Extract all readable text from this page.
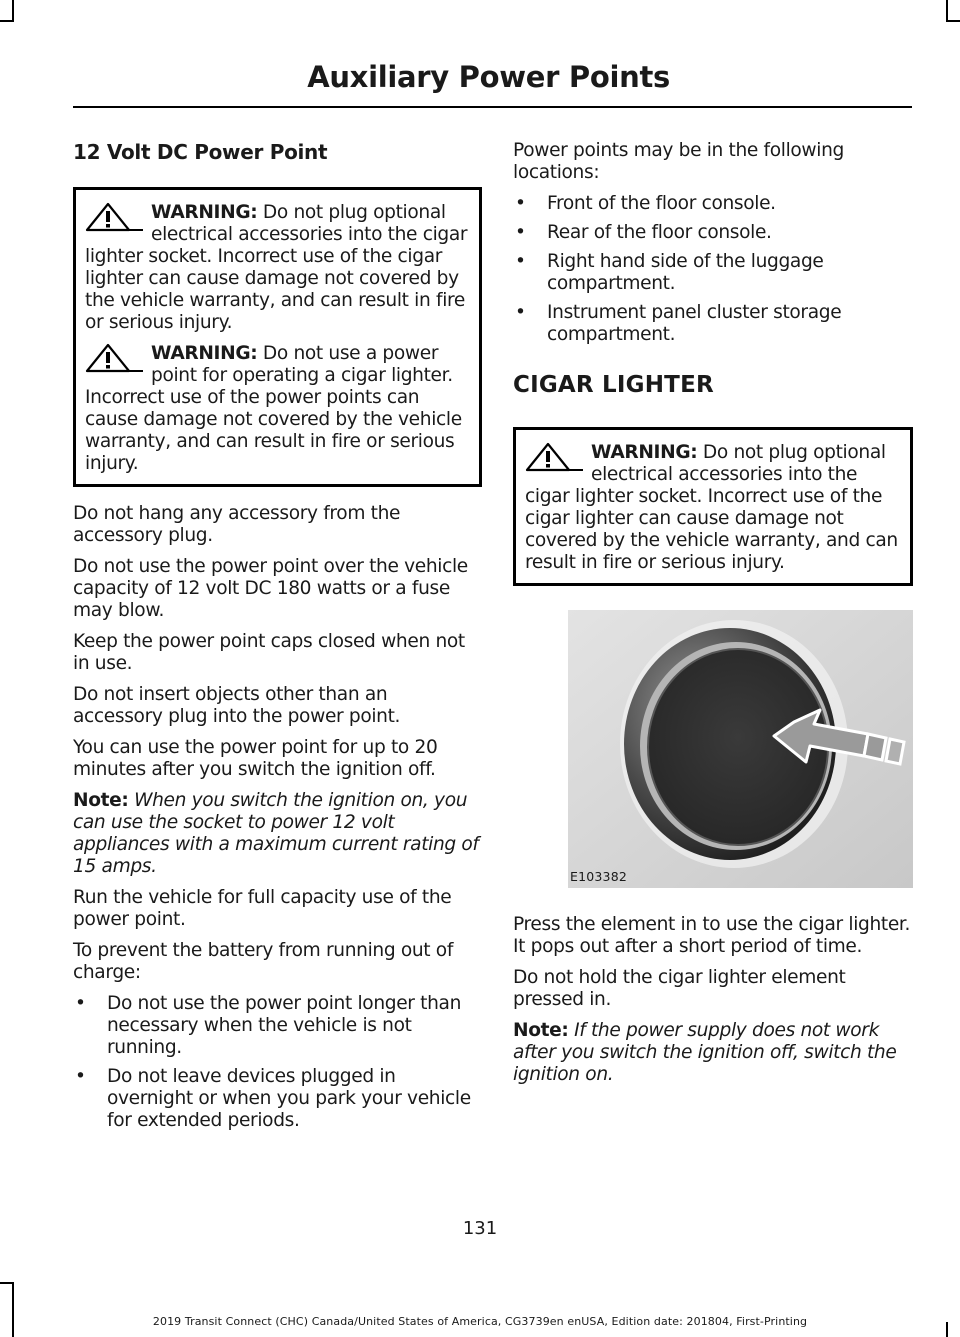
Auxiliary Power Points
12 Volt DC Power Point

WARNING: Do not plug optional electrical accessories into the cigar lighter socket. Incorrect use of the cigar lighter can cause damage not covered by the vehicle warranty, and can result in fire or serious injury.

WARNING: Do not use a power point for operating a cigar lighter. Incorrect use of the power points can cause damage not covered by the vehicle warranty, and can result in fire or serious injury.

Do not hang any accessory from the accessory plug.

Do not use the power point over the vehicle capacity of 12 volt DC 180 watts or a fuse may blow.

Keep the power point caps closed when not in use.

Do not insert objects other than an accessory plug into the power point.

You can use the power point for up to 20 minutes after you switch the ignition off.

Note: When you switch the ignition on, you can use the socket to power 12 volt appliances with a maximum current rating of 15 amps.

Run the vehicle for full capacity use of the power point.

To prevent the battery from running out of charge:

• Do not use the power point longer than necessary when the vehicle is not running.
• Do not leave devices plugged in overnight or when you park your vehicle for extended periods.

Power points may be in the following locations:

• Front of the floor console.
• Rear of the floor console.
• Right hand side of the luggage compartment.
• Instrument panel cluster storage compartment.
CIGAR LIGHTER

WARNING: Do not plug optional electrical accessories into the cigar lighter socket. Incorrect use of the cigar lighter can cause damage not covered by the vehicle warranty, and can result in fire or serious injury.

E103382

Press the element in to use the cigar lighter. It pops out after a short period of time.

Do not hold the cigar lighter element pressed in.

Note: If the power supply does not work after you switch the ignition off, switch the ignition on.

131
2019 Transit Connect (CHC) Canada/United States of America, CG3739en enUSA, Edition date: 201804, First-Printing
